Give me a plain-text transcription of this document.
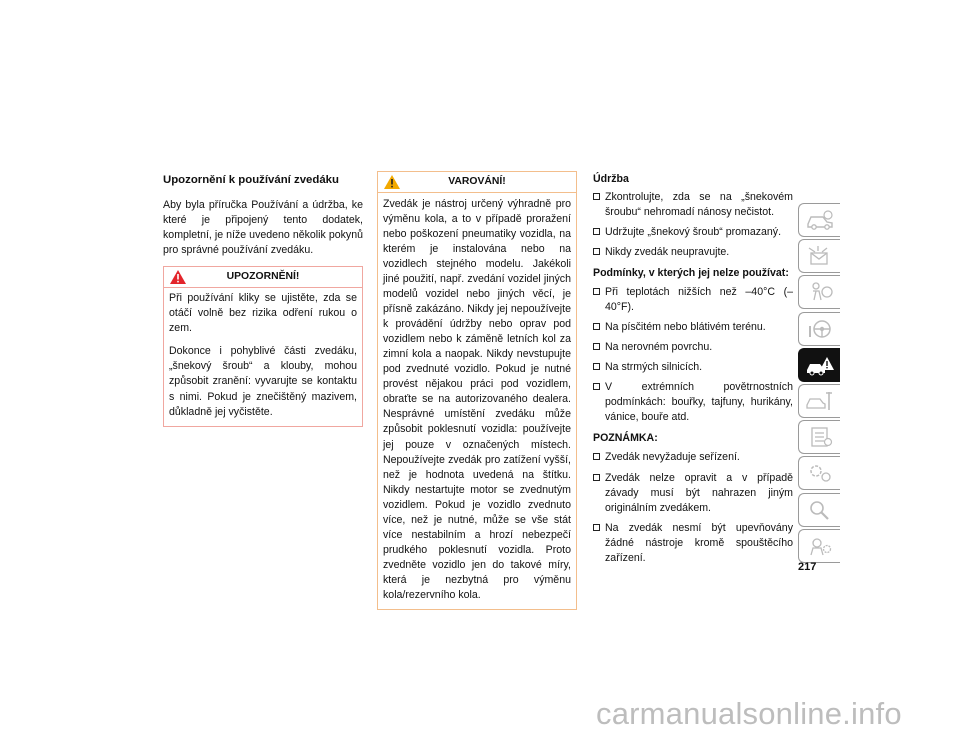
Upozornění k používání zvedáku

Aby byla příručka Používání a údržba, ke které je připojený tento dodatek, kompletní, je níže uvedeno několik pokynů pro správné používání zvedáku.

UPOZORNĚNÍ!

Při používání kliky se ujistěte, zda se otáčí volně bez rizika odření rukou o zem.

Dokonce i pohyblivé části zvedáku, „šnekový šroub“ a klouby, mohou způsobit zranění: vyvarujte se kontaktu s nimi. Pokud je znečištěný mazivem, důkladně jej vyčistěte.

VAROVÁNÍ!

Zvedák je nástroj určený výhradně pro výměnu kola, a to v případě proražení nebo poškození pneumatiky vozidla, na kterém je instalována nebo na vozidlech stejného modelu. Jakékoli jiné použití, např. zvedání vozidel jiných modelů vozidel nebo jiných věcí, je přísně zakázáno. Nikdy jej nepoužívejte k provádění údržby nebo oprav pod vozidlem nebo k záměně letních kol za zimní kola a naopak. Nikdy nevstupujte pod zvednuté vozidlo. Pokud je nutné provést nějakou práci pod vozidlem, obraťte se na autorizovaného dealera. Nesprávné umístění zvedáku může způsobit poklesnutí vozidla: používejte jej pouze v označených místech. Nepoužívejte zvedák pro zatížení vyšší, než je hodnota uvedená na štítku. Nikdy nestartujte motor se zvednutým vozidlem. Pokud je vozidlo zvednuto více, než je nutné, může se vše stát více nestabilním a hrozí nebezpečí prudkého poklesnutí vozidla. Proto zvedněte vozidlo jen do takové míry, která je nezbytná pro výměnu kola/rezervního kola.

Údržba
Zkontrolujte, zda se na „šnekovém šroubu“ nehromadí nánosy nečistot.
Udržujte „šnekový šroub“ promazaný.
Nikdy zvedák neupravujte.
Podmínky, v kterých jej nelze používat:
Při teplotách nižších než –40°C (–40°F).
Na písčitém nebo blátivém terénu.
Na nerovném povrchu.
Na strmých silnicích.
V extrémních povětrnostních podmínkách: bouřky, tajfuny, hurikány, vánice, bouře atd.
POZNÁMKA:
Zvedák nevyžaduje seřízení.
Zvedák nelze opravit a v případě závady musí být nahrazen jiným originálním zvedákem.
Na zvedák nesmí být upevňovány žádné nástroje kromě spouštěcího zařízení.
217
carmanualsonline.info
